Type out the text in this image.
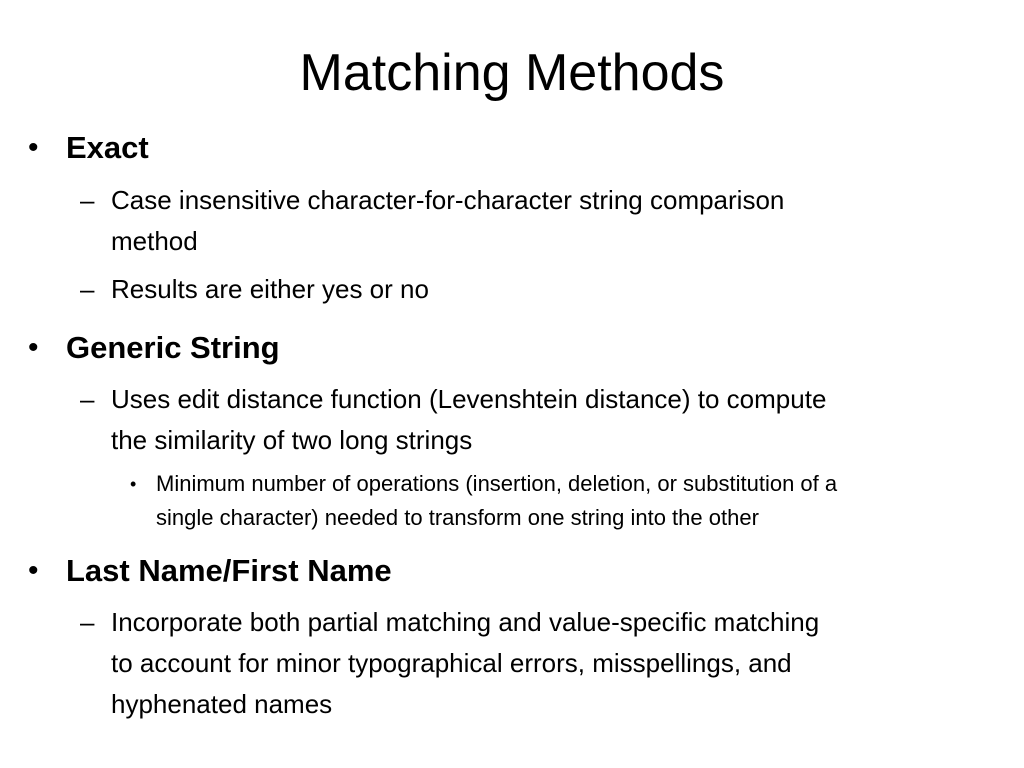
Matching Methods
• Exact
– Case insensitive character-for-character string comparison
method
– Results are either yes or no
• Generic String
– Uses edit distance function (Levenshtein distance) to compute
the similarity of two long strings
• Minimum number of operations (insertion, deletion, or substitution of a
single character) needed to transform one string into the other
• Last Name/First Name
– Incorporate both partial matching and value-specific matching
to account for minor typographical errors, misspellings, and
hyphenated names
